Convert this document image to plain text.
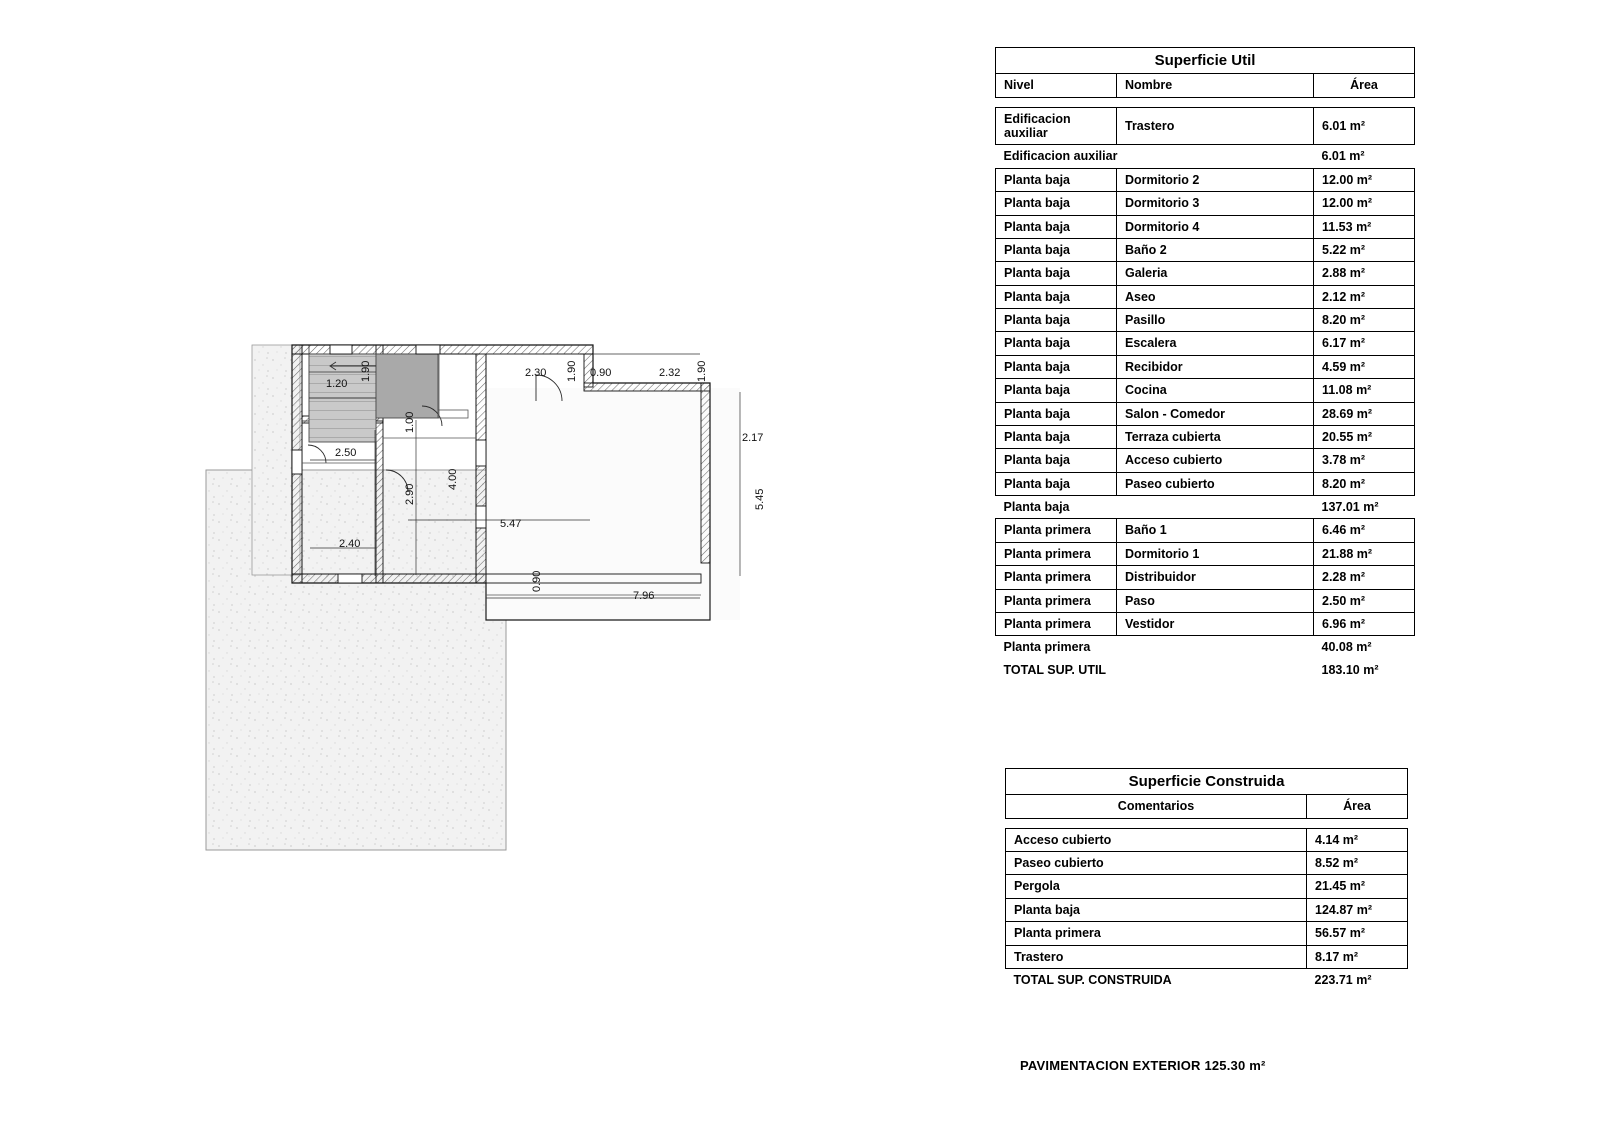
1.20
1.90	2.30	0.90
1.90	2.32 1.90
2.17
2.50
1.00
4.00
5.45
2.90
2.40
5.47
7.96
0.90
Superficie Util		
Nivel	Nombre	Área

Edificacion auxiliar	Trastero	6.01 m²
Edificacion auxiliar		6.01 m²
Planta baja	Dormitorio 2	12.00 m²
Planta baja	Dormitorio 3	12.00 m²
Planta baja	Dormitorio 4	11.53 m²
Planta baja	Baño 2	5.22 m²
Planta baja	Galeria	2.88 m²
Planta baja	Aseo	2.12 m²
Planta baja	Pasillo	8.20 m²
Planta baja	Escalera	6.17 m²
Planta baja	Recibidor	4.59 m²
Planta baja	Cocina	11.08 m²
Planta baja	Salon - Comedor	28.69 m²
Planta baja	Terraza cubierta	20.55 m²
Planta baja	Acceso cubierto	3.78 m²
Planta baja	Paseo cubierto	8.20 m²
Planta baja		137.01 m²
Planta primera	Baño 1	6.46 m²
Planta primera	Dormitorio 1	21.88 m²
Planta primera	Distribuidor	2.28 m²
Planta primera	Paso	2.50 m²
Planta primera	Vestidor	6.96 m²
Planta primera		40.08 m²
TOTAL SUP. UTIL		183.10 m²
Superficie Construida	
Comentarios	Área

Acceso cubierto	4.14 m²
Paseo cubierto	8.52 m²
Pergola	21.45 m²
Planta baja	124.87 m²
Planta primera	56.57 m²
Trastero	8.17 m²
TOTAL SUP. CONSTRUIDA	223.71 m²
PAVIMENTACION EXTERIOR 125.30 m²
